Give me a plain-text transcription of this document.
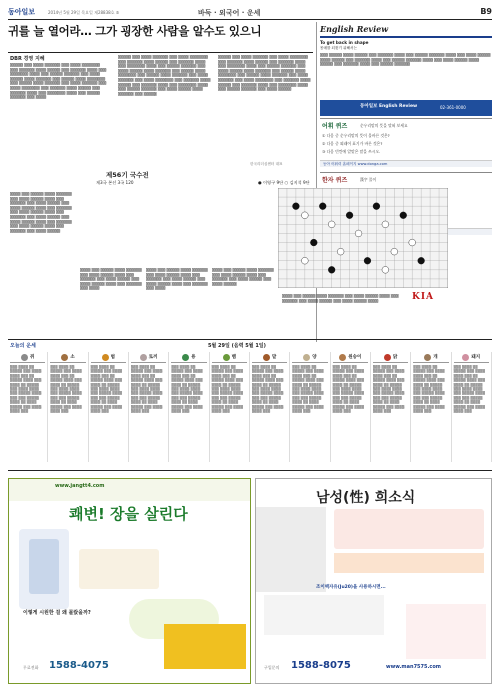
동아일보	2014년 5월 29일 목요일 제28838호 ⑤	바둑 · 외국어 · 운세	B9
귀를 늘 열어라… 그가 굉장한 사람을 알수도 있으니
DBR 경영 지혜
▒▒▒▒▒ ▒▒▒ ▒▒▒▒ ▒▒▒▒▒▒ ▒▒▒ ▒▒▒▒ ▒▒▒▒▒▒▒ ▒▒▒ ▒▒▒▒▒▒ ▒▒▒▒ ▒▒▒▒▒ ▒▒▒ ▒▒▒▒▒▒ ▒▒▒▒ ▒▒▒ ▒▒▒▒▒▒▒ ▒▒▒▒ ▒▒▒ ▒▒▒▒▒ ▒▒▒▒▒▒ ▒▒▒ ▒▒▒▒ ▒▒▒▒▒ ▒▒▒▒ ▒▒▒▒▒▒ ▒▒▒ ▒▒▒▒▒ ▒▒▒▒ ▒▒▒▒▒▒▒ ▒▒▒ ▒▒▒▒▒ ▒▒▒▒ ▒▒▒▒▒▒ ▒▒▒ ▒▒▒▒ ▒▒▒▒▒▒ ▒▒▒ ▒▒▒▒ ▒▒▒▒▒▒▒ ▒▒▒ ▒▒▒▒▒▒ ▒▒▒▒ ▒▒▒▒▒ ▒▒▒ ▒▒▒▒▒▒ ▒▒▒▒ ▒▒▒ ▒▒▒▒▒▒▒ ▒▒▒▒ ▒▒▒ ▒▒▒▒▒ ▒▒▒▒▒▒ ▒▒▒ ▒▒▒▒
▒▒▒▒▒ ▒▒▒ ▒▒▒▒ ▒▒▒▒▒▒ ▒▒▒ ▒▒▒▒ ▒▒▒▒▒▒▒ ▒▒▒ ▒▒▒▒▒▒ ▒▒▒▒ ▒▒▒▒▒ ▒▒▒ ▒▒▒▒▒▒ ▒▒▒▒ ▒▒▒ ▒▒▒▒▒▒▒ ▒▒▒▒ ▒▒▒ ▒▒▒▒▒ ▒▒▒▒▒▒ ▒▒▒ ▒▒▒▒ ▒▒▒▒▒ ▒▒▒▒ ▒▒▒▒▒▒ ▒▒▒ ▒▒▒▒▒ ▒▒▒▒ ▒▒▒▒▒▒▒ ▒▒▒ ▒▒▒▒▒ ▒▒▒▒ ▒▒▒▒▒▒ ▒▒▒ ▒▒▒▒ ▒▒▒▒▒▒ ▒▒▒ ▒▒▒▒ ▒▒▒▒▒▒▒ ▒▒▒ ▒▒▒▒▒▒ ▒▒▒▒ ▒▒▒▒▒ ▒▒▒ ▒▒▒▒▒▒ ▒▒▒▒ ▒▒▒ ▒▒▒▒▒▒▒ ▒▒▒▒ ▒▒▒ ▒▒▒▒▒ ▒▒▒▒▒▒ ▒▒▒ ▒▒▒▒ ▒▒▒▒▒ ▒▒▒▒ ▒▒▒▒▒▒ ▒▒▒ ▒▒▒▒▒
▒▒▒▒▒ ▒▒▒ ▒▒▒▒ ▒▒▒▒▒▒ ▒▒▒ ▒▒▒▒ ▒▒▒▒▒▒▒ ▒▒▒ ▒▒▒▒▒▒ ▒▒▒▒ ▒▒▒▒▒ ▒▒▒ ▒▒▒▒▒▒ ▒▒▒▒ ▒▒▒ ▒▒▒▒▒▒▒ ▒▒▒▒ ▒▒▒ ▒▒▒▒▒ ▒▒▒▒▒▒ ▒▒▒ ▒▒▒▒ ▒▒▒▒▒ ▒▒▒▒ ▒▒▒▒▒▒ ▒▒▒ ▒▒▒▒▒ ▒▒▒▒ ▒▒▒▒▒▒▒ ▒▒▒ ▒▒▒▒▒ ▒▒▒▒ ▒▒▒▒▒▒ ▒▒▒ ▒▒▒▒ ▒▒▒▒▒▒ ▒▒▒ ▒▒▒▒ ▒▒▒▒▒▒▒ ▒▒▒ ▒▒▒▒▒▒ ▒▒▒▒ ▒▒▒▒▒ ▒▒▒ ▒▒▒▒▒▒ ▒▒▒▒ ▒▒▒ ▒▒▒▒▒▒▒ ▒▒▒▒ ▒▒▒ ▒▒▒▒▒ ▒▒▒▒▒▒ ▒▒▒ ▒▒▒▒ ▒▒▒▒▒
한국리더십센터 대표
English Review
To get back in shape
몸매를 되찾기 위해서는
▒▒▒ ▒▒▒▒▒ ▒▒▒▒ ▒▒▒▒▒ ▒▒▒ ▒▒▒▒▒▒ ▒▒▒▒ ▒▒▒ ▒▒▒▒▒ ▒▒▒▒▒▒ ▒▒▒▒ ▒▒▒ ▒▒▒▒ ▒▒▒▒▒ ▒▒▒▒ ▒▒▒▒▒ ▒▒▒ ▒▒▒▒▒▒ ▒▒▒▒ ▒▒▒ ▒▒▒▒▒ ▒▒▒▒▒▒ ▒▒▒▒ ▒▒▒ ▒▒▒▒ ▒▒▒▒▒ ▒▒▒▒ ▒▒▒▒▒ ▒▒▒ ▒▒▒▒▒▒ ▒▒▒▒ ▒▒▒ ▒▒▒▒▒ ▒▒▒▒▒▒
동아일보 English Review	02-361-0000
어휘 퀴즈	순우리말의 뜻을 맞혀 보세요
① 다음 중 순우리말의 뜻이 올바른 것은?
② 다음 중 외래어 표기가 바른 것은?
③ 다음 빈칸에 알맞은 말을 쓰시오.
동아 어휘력 홈페이지 www.donga.com
한자 퀴즈	漢字 풀이
제56기 국수전
제3국 본선 3국 120	● 이영구 9단 ○ 김지석 9단
▒▒▒▒ ▒▒▒ ▒▒▒▒▒ ▒▒▒▒ ▒▒▒▒▒▒ ▒▒▒ ▒▒▒▒ ▒▒▒▒▒ ▒▒▒▒ ▒▒▒ ▒▒▒▒▒▒ ▒▒▒ ▒▒▒▒ ▒▒▒▒▒ ▒▒▒ ▒▒▒▒ ▒▒▒▒▒ ▒▒▒▒ ▒▒▒ ▒▒▒▒▒▒ ▒▒▒ ▒▒▒▒ ▒▒▒▒▒ ▒▒▒▒ ▒▒▒ ▒▒▒▒▒▒ ▒▒▒ ▒▒▒▒ ▒▒▒▒▒ ▒▒▒ ▒▒▒▒ ▒▒▒▒▒ ▒▒▒▒ ▒▒▒ ▒▒▒▒▒▒ ▒▒▒ ▒▒▒▒ ▒▒▒▒▒ ▒▒▒▒ ▒▒▒ ▒▒▒▒▒▒ ▒▒▒ ▒▒▒▒ ▒▒▒▒▒
▒▒▒▒ ▒▒▒ ▒▒▒▒▒ ▒▒▒▒ ▒▒▒▒▒▒ ▒▒▒ ▒▒▒▒ ▒▒▒▒▒ ▒▒▒▒ ▒▒▒ ▒▒▒▒▒▒ ▒▒▒ ▒▒▒▒ ▒▒▒▒▒ ▒▒▒ ▒▒▒▒ ▒▒▒▒▒ ▒▒▒▒ ▒▒▒ ▒▒▒▒▒▒ ▒▒▒ ▒▒▒▒
▒▒▒▒ ▒▒▒ ▒▒▒▒▒ ▒▒▒▒ ▒▒▒▒▒▒ ▒▒▒ ▒▒▒▒ ▒▒▒▒▒ ▒▒▒▒ ▒▒▒ ▒▒▒▒▒▒ ▒▒▒ ▒▒▒▒ ▒▒▒▒▒ ▒▒▒ ▒▒▒▒ ▒▒▒▒▒ ▒▒▒▒ ▒▒▒ ▒▒▒▒▒▒ ▒▒▒ ▒▒▒▒
▒▒▒▒ ▒▒▒ ▒▒▒▒▒ ▒▒▒▒ ▒▒▒▒▒▒ ▒▒▒ ▒▒▒▒ ▒▒▒▒▒ ▒▒▒▒ ▒▒▒ ▒▒▒▒▒▒ ▒▒▒ ▒▒▒▒ ▒▒▒▒▒ ▒▒▒ ▒▒▒▒ ▒▒▒▒▒
▒▒▒▒ ▒▒▒ ▒▒▒▒▒ ▒▒▒▒ ▒▒▒▒▒▒ ▒▒▒ ▒▒▒▒ ▒▒▒▒▒ ▒▒▒▒ ▒▒▒ ▒▒▒▒▒▒ ▒▒▒ ▒▒▒▒ ▒▒▒▒▒ ▒▒▒ ▒▒▒▒ ▒▒▒▒▒ ▒▒▒▒	KIA
오늘의 운세	5월 29일 (음력 5월 1일)
쥐
▒▒▒ ▒▒▒▒ ▒▒ ▒▒▒▒▒ ▒▒▒ ▒▒▒▒ ▒▒▒▒ ▒▒▒ ▒▒ ▒▒▒▒▒ ▒▒▒▒ ▒▒▒ ▒▒▒▒ ▒▒ ▒▒▒▒▒ ▒▒▒ ▒▒▒▒ ▒▒▒▒ ▒▒▒ ▒▒▒▒▒ ▒▒▒▒ ▒▒▒ ▒▒▒ ▒▒▒▒▒ ▒▒▒▒ ▒▒ ▒▒▒▒ ▒▒▒▒▒ ▒▒▒ ▒▒▒▒ ▒▒▒▒ ▒▒▒
소
▒▒▒ ▒▒▒▒ ▒▒ ▒▒▒▒▒ ▒▒▒ ▒▒▒▒ ▒▒▒▒ ▒▒▒ ▒▒ ▒▒▒▒▒ ▒▒▒▒ ▒▒▒ ▒▒▒▒ ▒▒ ▒▒▒▒▒ ▒▒▒ ▒▒▒▒ ▒▒▒▒ ▒▒▒ ▒▒▒▒▒ ▒▒▒▒ ▒▒▒ ▒▒▒ ▒▒▒▒▒ ▒▒▒▒ ▒▒ ▒▒▒▒ ▒▒▒▒▒ ▒▒▒ ▒▒▒▒ ▒▒▒▒ ▒▒▒
범
▒▒▒ ▒▒▒▒ ▒▒ ▒▒▒▒▒ ▒▒▒ ▒▒▒▒ ▒▒▒▒ ▒▒▒ ▒▒ ▒▒▒▒▒ ▒▒▒▒ ▒▒▒ ▒▒▒▒ ▒▒ ▒▒▒▒▒ ▒▒▒ ▒▒▒▒ ▒▒▒▒ ▒▒▒ ▒▒▒▒▒ ▒▒▒▒ ▒▒▒ ▒▒▒ ▒▒▒▒▒ ▒▒▒▒ ▒▒ ▒▒▒▒ ▒▒▒▒▒ ▒▒▒ ▒▒▒▒ ▒▒▒▒ ▒▒▒
토끼
▒▒▒ ▒▒▒▒ ▒▒ ▒▒▒▒▒ ▒▒▒ ▒▒▒▒ ▒▒▒▒ ▒▒▒ ▒▒ ▒▒▒▒▒ ▒▒▒▒ ▒▒▒ ▒▒▒▒ ▒▒ ▒▒▒▒▒ ▒▒▒ ▒▒▒▒ ▒▒▒▒ ▒▒▒ ▒▒▒▒▒ ▒▒▒▒ ▒▒▒ ▒▒▒ ▒▒▒▒▒ ▒▒▒▒ ▒▒ ▒▒▒▒ ▒▒▒▒▒ ▒▒▒ ▒▒▒▒ ▒▒▒▒ ▒▒▒
용
▒▒▒ ▒▒▒▒ ▒▒ ▒▒▒▒▒ ▒▒▒ ▒▒▒▒ ▒▒▒▒ ▒▒▒ ▒▒ ▒▒▒▒▒ ▒▒▒▒ ▒▒▒ ▒▒▒▒ ▒▒ ▒▒▒▒▒ ▒▒▒ ▒▒▒▒ ▒▒▒▒ ▒▒▒ ▒▒▒▒▒ ▒▒▒▒ ▒▒▒ ▒▒▒ ▒▒▒▒▒ ▒▒▒▒ ▒▒ ▒▒▒▒ ▒▒▒▒▒ ▒▒▒ ▒▒▒▒ ▒▒▒▒ ▒▒▒
뱀
▒▒▒ ▒▒▒▒ ▒▒ ▒▒▒▒▒ ▒▒▒ ▒▒▒▒ ▒▒▒▒ ▒▒▒ ▒▒ ▒▒▒▒▒ ▒▒▒▒ ▒▒▒ ▒▒▒▒ ▒▒ ▒▒▒▒▒ ▒▒▒ ▒▒▒▒ ▒▒▒▒ ▒▒▒ ▒▒▒▒▒ ▒▒▒▒ ▒▒▒ ▒▒▒ ▒▒▒▒▒ ▒▒▒▒ ▒▒ ▒▒▒▒ ▒▒▒▒▒ ▒▒▒ ▒▒▒▒ ▒▒▒▒ ▒▒▒
말
▒▒▒ ▒▒▒▒ ▒▒ ▒▒▒▒▒ ▒▒▒ ▒▒▒▒ ▒▒▒▒ ▒▒▒ ▒▒ ▒▒▒▒▒ ▒▒▒▒ ▒▒▒ ▒▒▒▒ ▒▒ ▒▒▒▒▒ ▒▒▒ ▒▒▒▒ ▒▒▒▒ ▒▒▒ ▒▒▒▒▒ ▒▒▒▒ ▒▒▒ ▒▒▒ ▒▒▒▒▒ ▒▒▒▒ ▒▒ ▒▒▒▒ ▒▒▒▒▒ ▒▒▒ ▒▒▒▒ ▒▒▒▒ ▒▒▒
양
▒▒▒ ▒▒▒▒ ▒▒ ▒▒▒▒▒ ▒▒▒ ▒▒▒▒ ▒▒▒▒ ▒▒▒ ▒▒ ▒▒▒▒▒ ▒▒▒▒ ▒▒▒ ▒▒▒▒ ▒▒ ▒▒▒▒▒ ▒▒▒ ▒▒▒▒ ▒▒▒▒ ▒▒▒ ▒▒▒▒▒ ▒▒▒▒ ▒▒▒ ▒▒▒ ▒▒▒▒▒ ▒▒▒▒ ▒▒ ▒▒▒▒ ▒▒▒▒▒ ▒▒▒ ▒▒▒▒ ▒▒▒▒ ▒▒▒
원숭이
▒▒▒ ▒▒▒▒ ▒▒ ▒▒▒▒▒ ▒▒▒ ▒▒▒▒ ▒▒▒▒ ▒▒▒ ▒▒ ▒▒▒▒▒ ▒▒▒▒ ▒▒▒ ▒▒▒▒ ▒▒ ▒▒▒▒▒ ▒▒▒ ▒▒▒▒ ▒▒▒▒ ▒▒▒ ▒▒▒▒▒ ▒▒▒▒ ▒▒▒ ▒▒▒ ▒▒▒▒▒ ▒▒▒▒ ▒▒ ▒▒▒▒ ▒▒▒▒▒ ▒▒▒ ▒▒▒▒ ▒▒▒▒ ▒▒▒
닭
▒▒▒ ▒▒▒▒ ▒▒ ▒▒▒▒▒ ▒▒▒ ▒▒▒▒ ▒▒▒▒ ▒▒▒ ▒▒ ▒▒▒▒▒ ▒▒▒▒ ▒▒▒ ▒▒▒▒ ▒▒ ▒▒▒▒▒ ▒▒▒ ▒▒▒▒ ▒▒▒▒ ▒▒▒ ▒▒▒▒▒ ▒▒▒▒ ▒▒▒ ▒▒▒ ▒▒▒▒▒ ▒▒▒▒ ▒▒ ▒▒▒▒ ▒▒▒▒▒ ▒▒▒ ▒▒▒▒ ▒▒▒▒ ▒▒▒
개
▒▒▒ ▒▒▒▒ ▒▒ ▒▒▒▒▒ ▒▒▒ ▒▒▒▒ ▒▒▒▒ ▒▒▒ ▒▒ ▒▒▒▒▒ ▒▒▒▒ ▒▒▒ ▒▒▒▒ ▒▒ ▒▒▒▒▒ ▒▒▒ ▒▒▒▒ ▒▒▒▒ ▒▒▒ ▒▒▒▒▒ ▒▒▒▒ ▒▒▒ ▒▒▒ ▒▒▒▒▒ ▒▒▒▒ ▒▒ ▒▒▒▒ ▒▒▒▒▒ ▒▒▒ ▒▒▒▒ ▒▒▒▒ ▒▒▒
돼지
▒▒▒ ▒▒▒▒ ▒▒ ▒▒▒▒▒ ▒▒▒ ▒▒▒▒ ▒▒▒▒ ▒▒▒ ▒▒ ▒▒▒▒▒ ▒▒▒▒ ▒▒▒ ▒▒▒▒ ▒▒ ▒▒▒▒▒ ▒▒▒ ▒▒▒▒ ▒▒▒▒ ▒▒▒ ▒▒▒▒▒ ▒▒▒▒ ▒▒▒ ▒▒▒ ▒▒▒▒▒ ▒▒▒▒ ▒▒ ▒▒▒▒ ▒▒▒▒▒ ▒▒▒ ▒▒▒▒ ▒▒▒▒ ▒▒▒
www.jangtt4.com
쾌변! 장을 살린다
이렇게 시원한 걸 왜 몰랐을까?
무료전화 1588-4075
남성(性) 희소식
조이맥자유(Ju20)을 사용하시면...
구입문의 1588-8075	www.man7575.com
